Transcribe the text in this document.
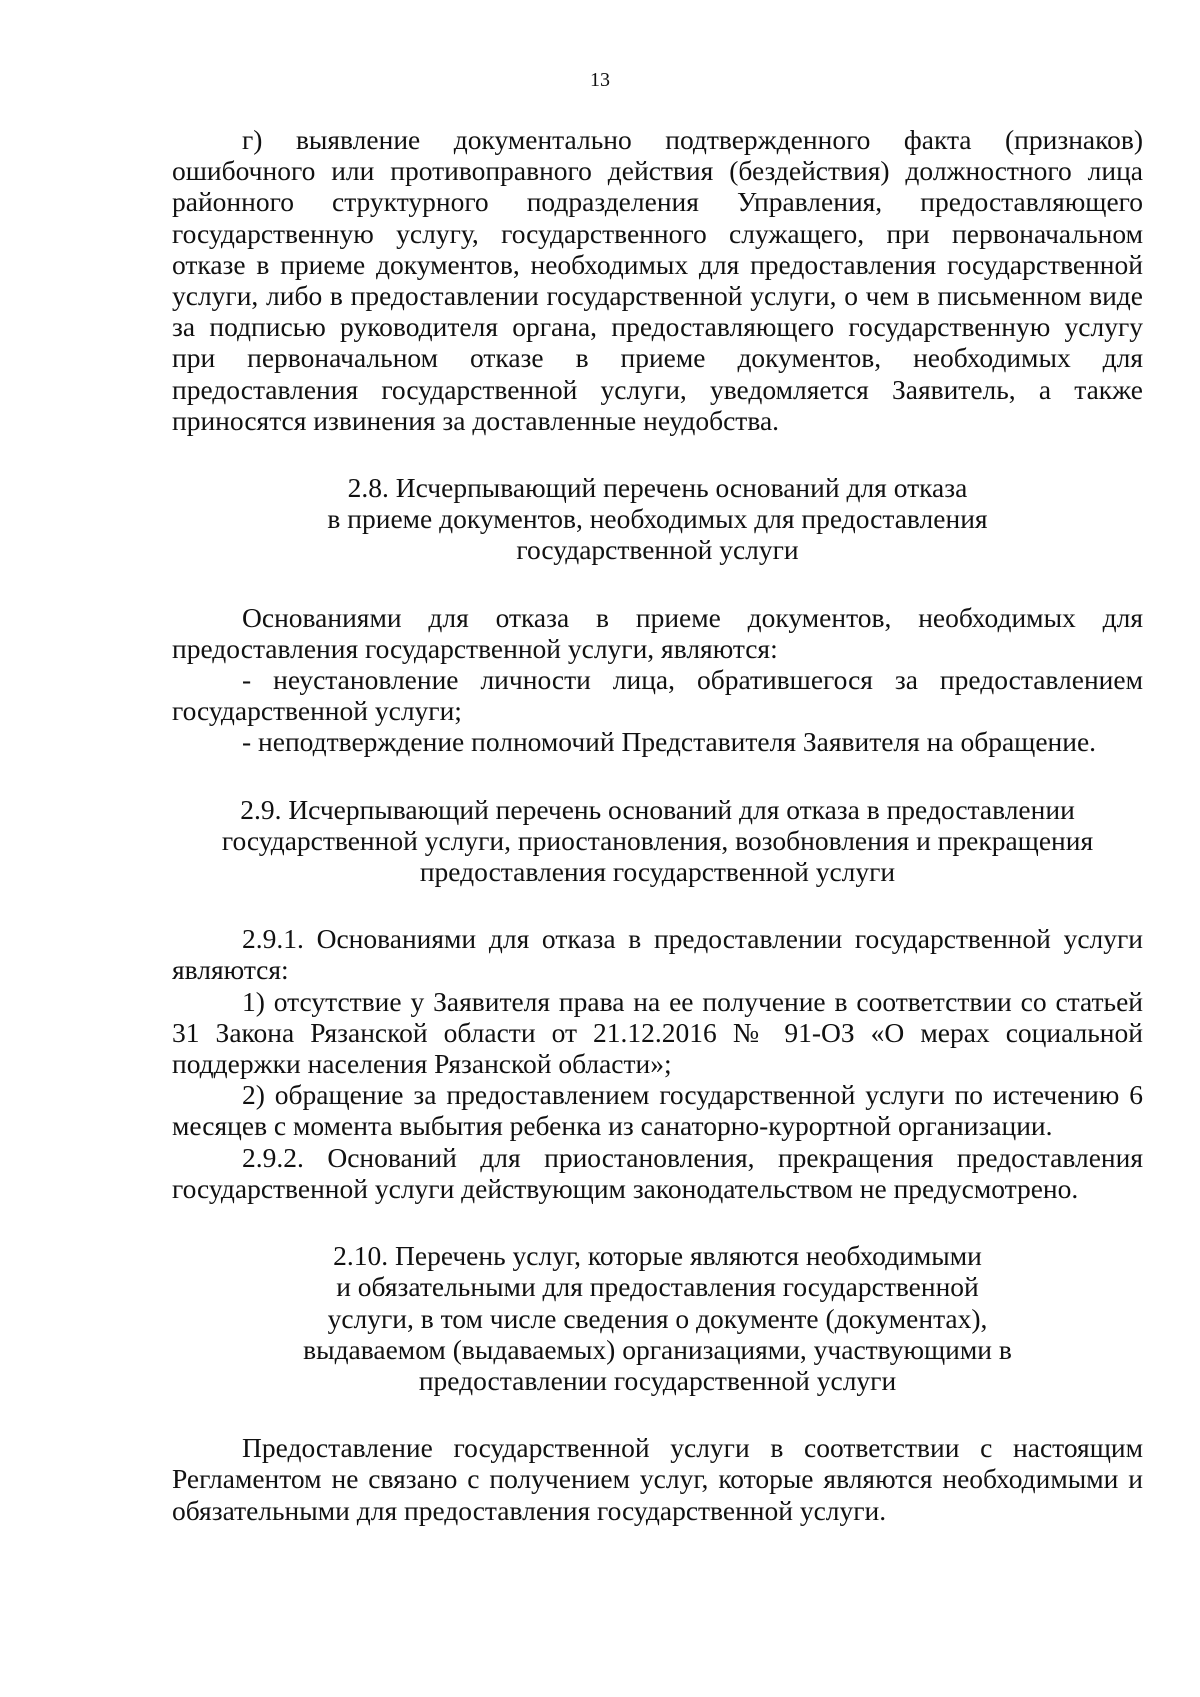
13

г) выявление документально подтвержденного факта (признаков) ошибочного или противоправного действия (бездействия) должностного лица районного структурного подразделения Управления, предоставляющего государственную услугу, государственного служащего, при первоначальном отказе в приеме документов, необходимых для предоставления государственной услуги, либо в предоставлении государственной услуги, о чем в письменном виде за подписью руководителя органа, предоставляющего государственную услугу при первоначальном отказе в приеме документов, необходимых для предоставления государственной услуги, уведомляется Заявитель, а также приносятся извинения за доставленные неудобства.

2.8. Исчерпывающий перечень оснований для отказа
в приеме документов, необходимых для предоставления
государственной услуги

Основаниями для отказа в приеме документов, необходимых для предоставления государственной услуги, являются:

- неустановление личности лица, обратившегося за предоставлением государственной услуги;

- неподтверждение полномочий Представителя Заявителя на обращение.

2.9. Исчерпывающий перечень оснований для отказа в предоставлении
государственной услуги, приостановления, возобновления и прекращения
предоставления государственной услуги

2.9.1. Основаниями для отказа в предоставлении государственной услуги являются:

1) отсутствие у Заявителя права на ее получение в соответствии со статьей 31 Закона Рязанской области от 21.12.2016 № 91-ОЗ «О мерах социальной поддержки населения Рязанской области»;

2) обращение за предоставлением государственной услуги по истечению 6 месяцев с момента выбытия ребенка из санаторно-курортной организации.

2.9.2. Оснований для приостановления, прекращения предоставления государственной услуги действующим законодательством не предусмотрено.

2.10. Перечень услуг, которые являются необходимыми
и обязательными для предоставления государственной
услуги, в том числе сведения о документе (документах),
выдаваемом (выдаваемых) организациями, участвующими в
предоставлении государственной услуги

Предоставление государственной услуги в соответствии с настоящим Регламентом не связано с получением услуг, которые являются необходимыми и обязательными для предоставления государственной услуги.
